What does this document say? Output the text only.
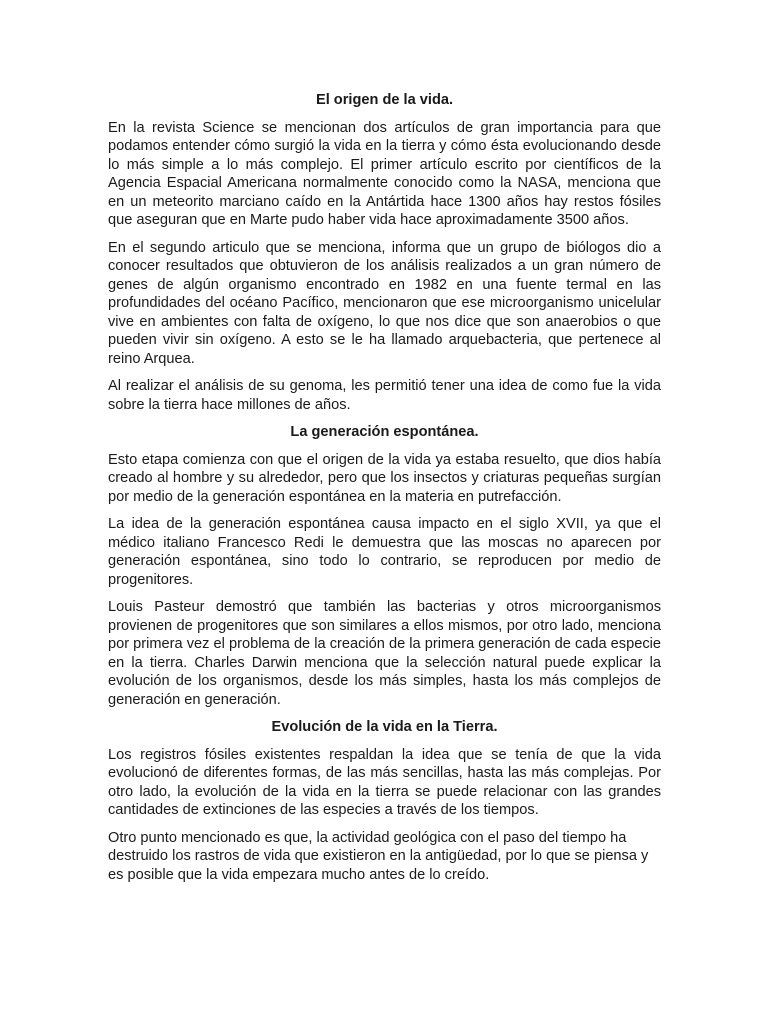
El origen de la vida.

En la revista Science se mencionan dos artículos de gran importancia para que podamos entender cómo surgió la vida en la tierra y cómo ésta evolucionando desde lo más simple a lo más complejo. El primer artículo escrito por científicos de la Agencia Espacial Americana normalmente conocido como la NASA, menciona que en un meteorito marciano caído en la Antártida hace 1300 años hay restos fósiles que aseguran que en Marte pudo haber vida hace aproximadamente 3500 años.

En el segundo articulo que se menciona, informa que un grupo de biólogos dio a conocer resultados que obtuvieron de los análisis realizados a un gran número de genes de algún organismo encontrado en 1982 en una fuente termal en las profundidades del océano Pacífico, mencionaron que ese microorganismo unicelular vive en ambientes con falta de oxígeno, lo que nos dice que son anaerobios o que pueden vivir sin oxígeno. A esto se le ha llamado arquebacteria, que pertenece al reino Arquea.

Al realizar el análisis de su genoma, les permitió tener una idea de como fue la vida sobre la tierra hace millones de años.

La generación espontánea.

Esto etapa comienza con que el origen de la vida ya estaba resuelto, que dios había creado al hombre y su alrededor, pero que los insectos y criaturas pequeñas surgían por medio de la generación espontánea en la materia en putrefacción.

La idea de la generación espontánea causa impacto en el siglo XVII, ya que el médico italiano Francesco Redi le demuestra que las moscas no aparecen por generación espontánea, sino todo lo contrario, se reproducen por medio de progenitores.

Louis Pasteur demostró que también las bacterias y otros microorganismos provienen de progenitores que son similares a ellos mismos, por otro lado, menciona por primera vez el problema de la creación de la primera generación de cada especie en la tierra. Charles Darwin menciona que la selección natural puede explicar la evolución de los organismos, desde los más simples, hasta los más complejos de generación en generación.

Evolución de la vida en la Tierra.

Los registros fósiles existentes respaldan la idea que se tenía de que la vida evolucionó de diferentes formas, de las más sencillas, hasta las más complejas. Por otro lado, la evolución de la vida en la tierra se puede relacionar con las grandes cantidades de extinciones de las especies a través de los tiempos.

Otro punto mencionado es que, la actividad geológica con el paso del tiempo ha destruido los rastros de vida que existieron en la antigüedad, por lo que se piensa y es posible que la vida empezara mucho antes de lo creído.
